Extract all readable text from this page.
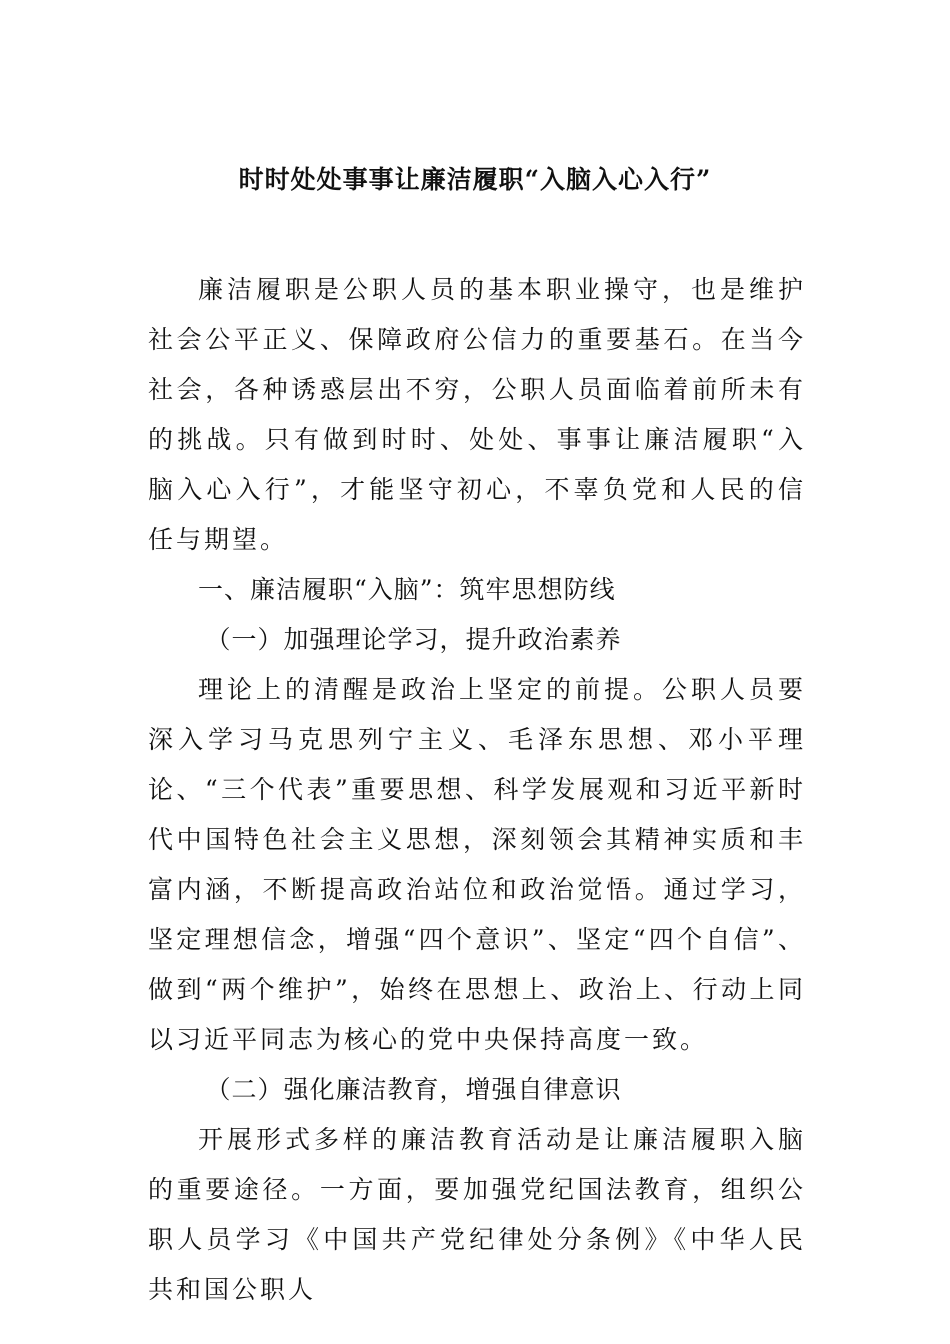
时时处处事事让廉洁履职“入脑入心入行”

廉洁履职是公职人员的基本职业操守，也是维护社会公平正义、保障政府公信力的重要基石。在当今社会，各种诱惑层出不穷，公职人员面临着前所未有的挑战。只有做到时时、处处、事事让廉洁履职“入脑入心入行”，才能坚守初心，不辜负党和人民的信任与期望。

一、廉洁履职“入脑”：筑牢思想防线

（一）加强理论学习，提升政治素养

理论上的清醒是政治上坚定的前提。公职人员要深入学习马克思列宁主义、毛泽东思想、邓小平理论、“三个代表”重要思想、科学发展观和习近平新时代中国特色社会主义思想，深刻领会其精神实质和丰富内涵，不断提高政治站位和政治觉悟。通过学习，坚定理想信念，增强“四个意识”、坚定“四个自信”、做到“两个维护”，始终在思想上、政治上、行动上同以习近平同志为核心的党中央保持高度一致。

（二）强化廉洁教育，增强自律意识

开展形式多样的廉洁教育活动是让廉洁履职入脑的重要途径。一方面，要加强党纪国法教育，组织公职人员学习《中国共产党纪律处分条例》《中华人民共和国公职人
